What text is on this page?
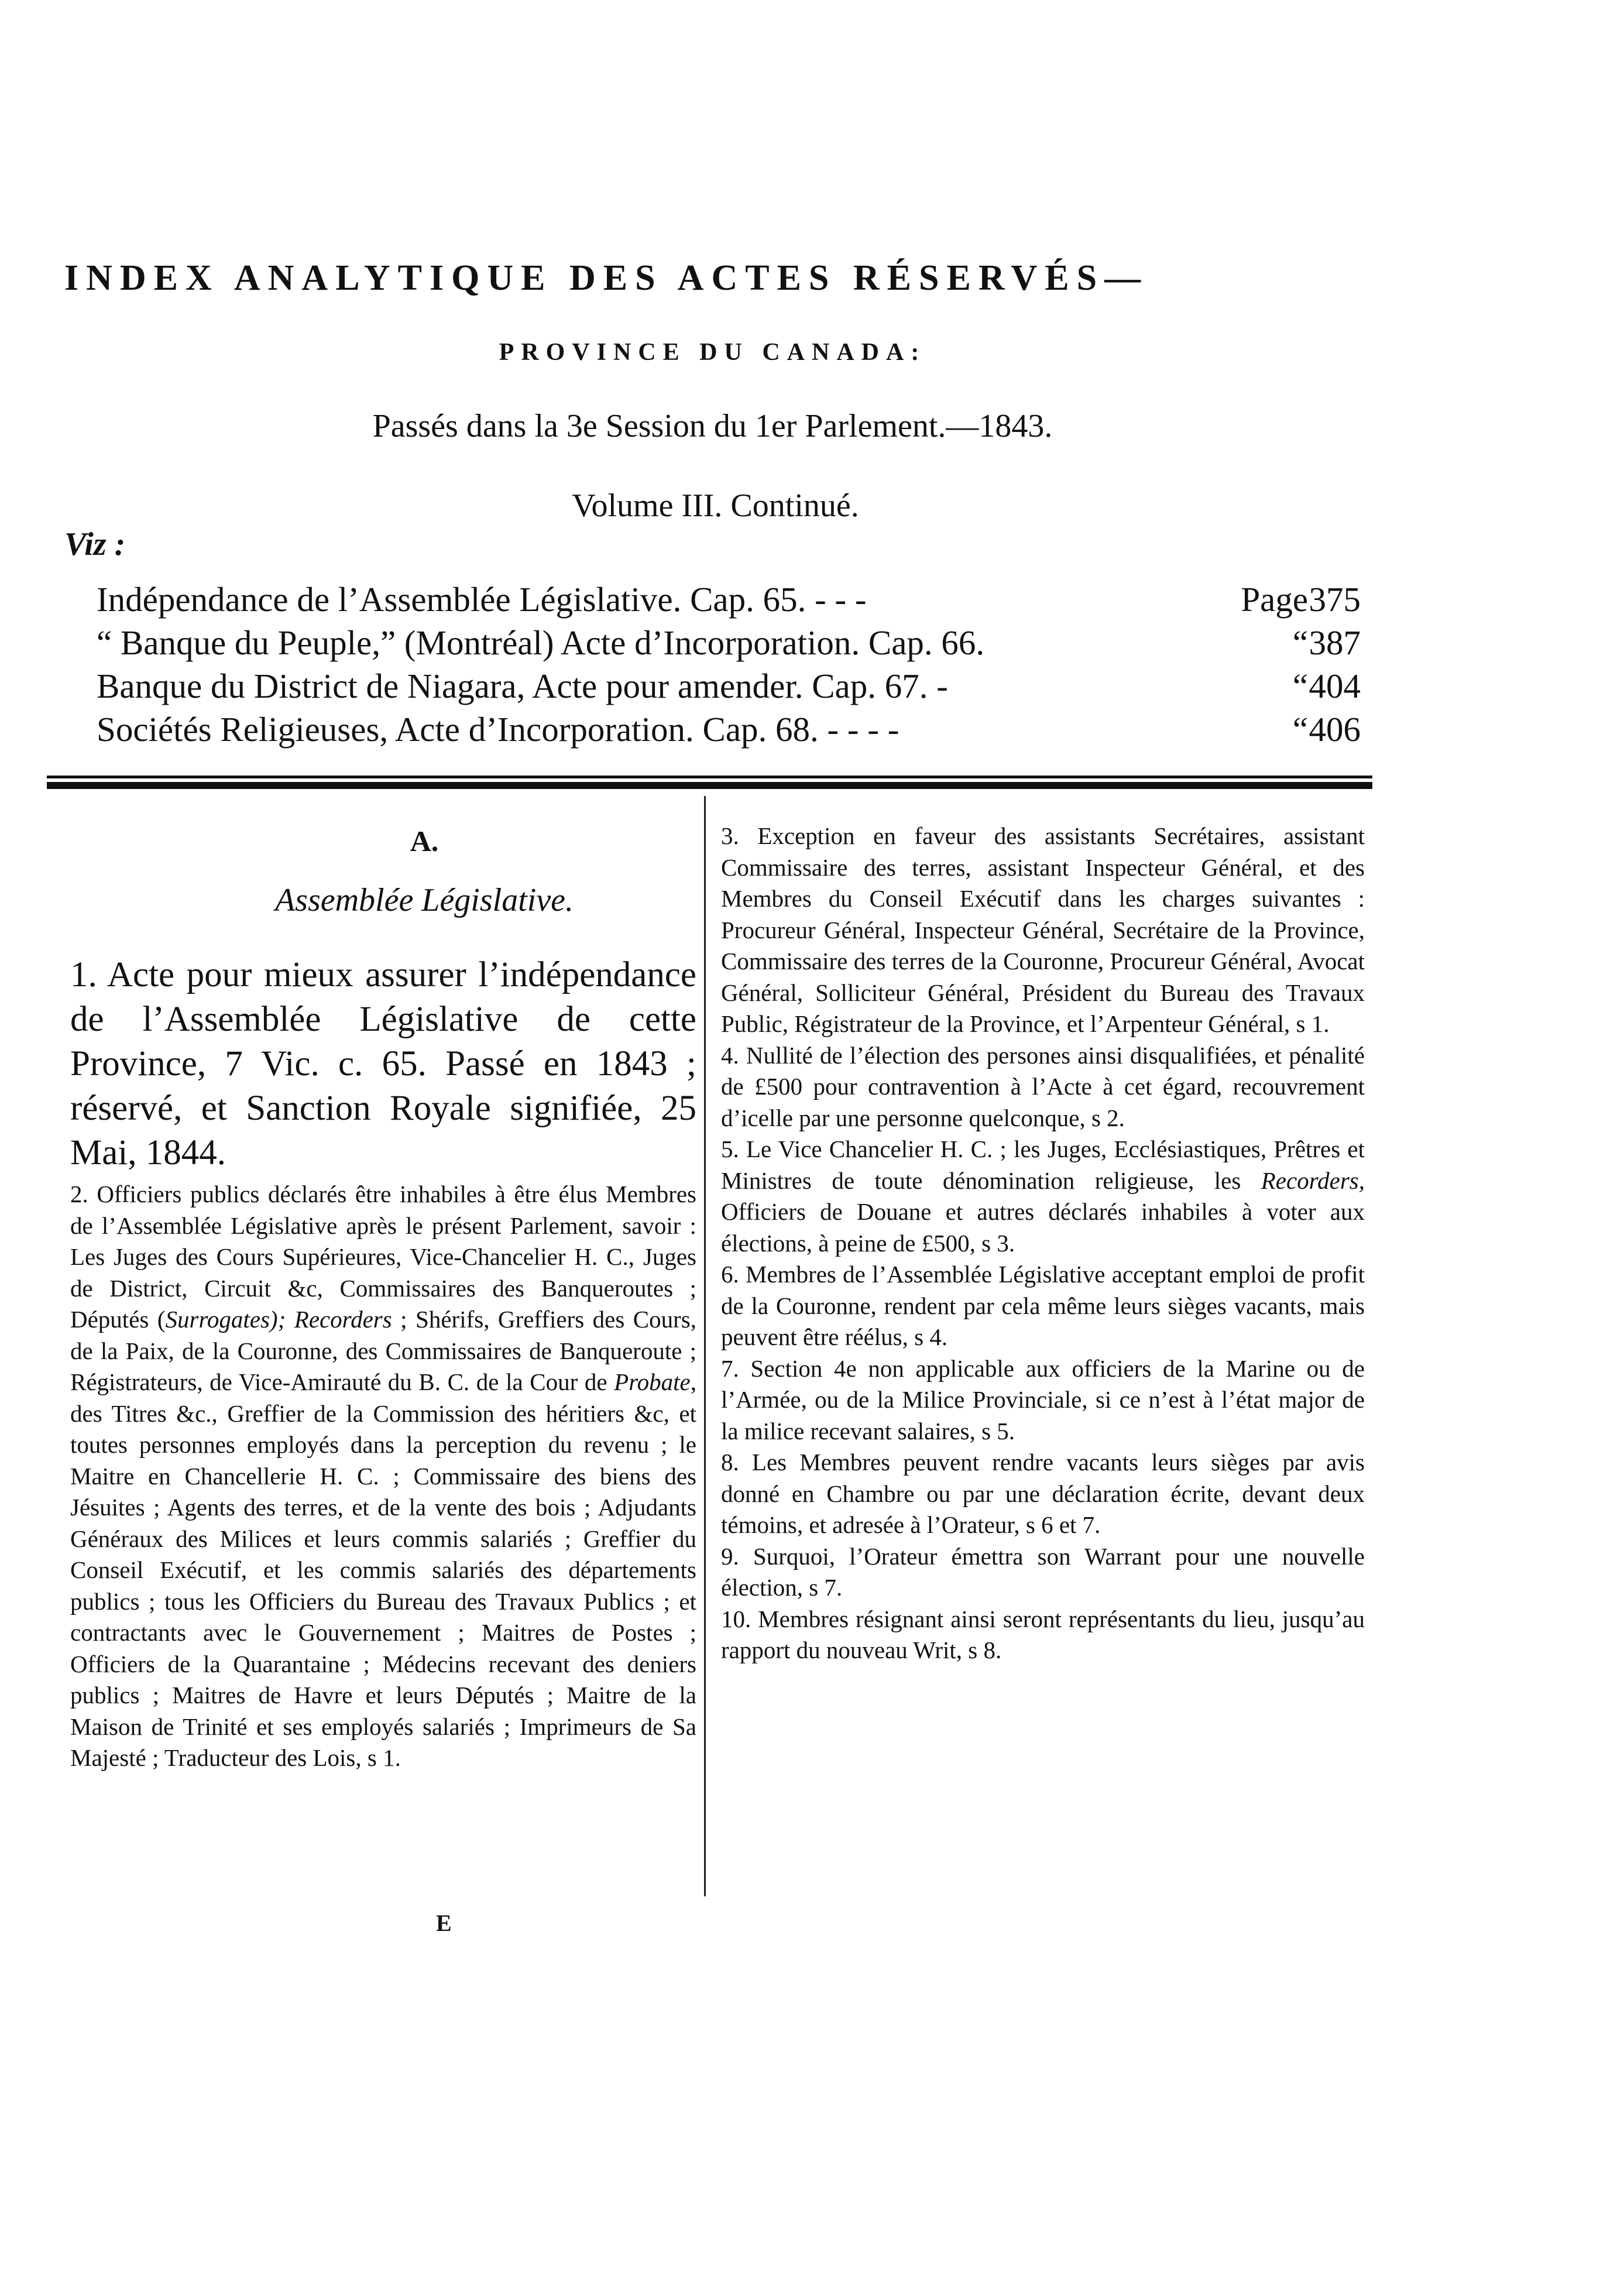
INDEX ANALYTIQUE DES ACTES RÉSERVÉS—
PROVINCE DU CANADA:
Passés dans la 3e Session du 1er Parlement.—1843.
Volume III. Continué.
Viz :
Indépendance de l’Assemblée Législative. Cap. 65. - - -	Page 375
“ Banque du Peuple,” (Montréal) Acte d’Incorporation. Cap. 66.	“ 387
Banque du District de Niagara, Acte pour amender. Cap. 67. -	“ 404
Sociétés Religieuses, Acte d’Incorporation. Cap. 68. - - - -	“ 406
A.
Assemblée Législative.
1. Acte pour mieux assurer l’indépendance de l’Assemblée Législative de cette Province, 7 Vic. c. 65. Passé en 1843 ; réservé, et Sanction Royale signifiée, 25 Mai, 1844.
2. Officiers publics déclarés être inhabiles à être élus Membres de l’Assemblée Législative après le présent Parlement, savoir : Les Juges des Cours Supérieures, Vice-Chancelier H. C., Juges de District, Circuit &c, Commissaires des Banqueroutes ; Députés (Surrogates); Recorders ; Shérifs, Greffiers des Cours, de la Paix, de la Couronne, des Commissaires de Banqueroute ; Régistrateurs, de Vice-Amirauté du B. C. de la Cour de Probate, des Titres &c., Greffier de la Commission des héritiers &c, et toutes personnes employés dans la perception du revenu ; le Maitre en Chancellerie H. C. ; Commissaire des biens des Jésuites ; Agents des terres, et de la vente des bois ; Adjudants Généraux des Milices et leurs commis salariés ; Greffier du Conseil Exécutif, et les commis salariés des départements publics ; tous les Officiers du Bureau des Travaux Publics ; et contractants avec le Gouvernement ; Maitres de Postes ; Officiers de la Quarantaine ; Médecins recevant des deniers publics ; Maitres de Havre et leurs Députés ; Maitre de la Maison de Trinité et ses employés salariés ; Imprimeurs de Sa Majesté ; Traducteur des Lois, s 1.
3. Exception en faveur des assistants Secrétaires, assistant Commissaire des terres, assistant Inspecteur Général, et des Membres du Conseil Exécutif dans les charges suivantes : Procureur Général, Inspecteur Général, Secrétaire de la Province, Commissaire des terres de la Couronne, Procureur Général, Avocat Général, Solliciteur Général, Président du Bureau des Travaux Public, Régistrateur de la Province, et l’Arpenteur Général, s 1.
4. Nullité de l’élection des persones ainsi disqualifiées, et pénalité de £500 pour contravention à l’Acte à cet égard, recouvrement d’icelle par une personne quelconque, s 2.
5. Le Vice Chancelier H. C. ; les Juges, Ecclésiastiques, Prêtres et Ministres de toute dénomination religieuse, les Recorders, Officiers de Douane et autres déclarés inhabiles à voter aux élections, à peine de £500, s 3.
6. Membres de l’Assemblée Législative acceptant emploi de profit de la Couronne, rendent par cela même leurs sièges vacants, mais peuvent être réélus, s 4.
7. Section 4e non applicable aux officiers de la Marine ou de l’Armée, ou de la Milice Provinciale, si ce n’est à l’état major de la milice recevant salaires, s 5.
8. Les Membres peuvent rendre vacants leurs sièges par avis donné en Chambre ou par une déclaration écrite, devant deux témoins, et adresée à l’Orateur, s 6 et 7.
9. Surquoi, l’Orateur émettra son Warrant pour une nouvelle élection, s 7.
10. Membres résignant ainsi seront représentants du lieu, jusqu’au rapport du nouveau Writ, s 8.
E
